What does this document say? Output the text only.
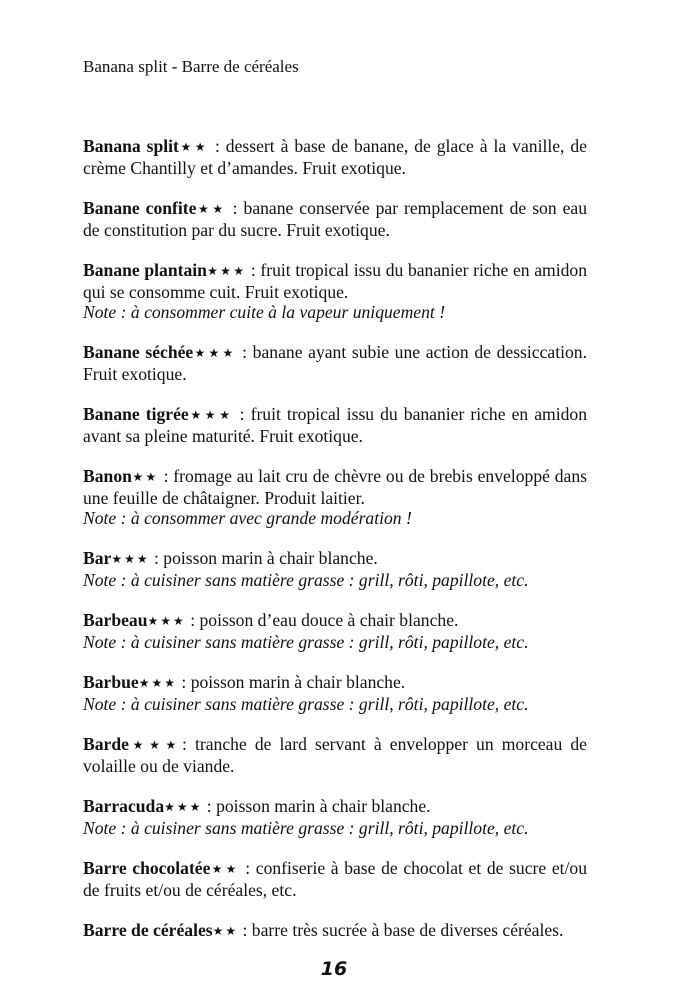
Banana split - Barre de céréales

Banana split★★ : dessert à base de banane, de glace à la vanille, de crème Chantilly et d’amandes. Fruit exotique.

Banane confite★★ : banane conservée par remplacement de son eau de constitution par du sucre. Fruit exotique.

Banane plantain★★★ : fruit tropical issu du bananier riche en amidon qui se consomme cuit. Fruit exotique.
Note : à consommer cuite à la vapeur uniquement !

Banane séchée★★★ : banane ayant subie une action de dessiccation. Fruit exotique.

Banane tigrée★★★ : fruit tropical issu du bananier riche en amidon avant sa pleine maturité. Fruit exotique.

Banon★★ : fromage au lait cru de chèvre ou de brebis enveloppé dans une feuille de châtaigner. Produit laitier.
Note : à consommer avec grande modération !

Bar★★★ : poisson marin à chair blanche.
Note : à cuisiner sans matière grasse : grill, rôti, papillote, etc.

Barbeau★★★ : poisson d’eau douce à chair blanche.
Note : à cuisiner sans matière grasse : grill, rôti, papillote, etc.

Barbue★★★ : poisson marin à chair blanche.
Note : à cuisiner sans matière grasse : grill, rôti, papillote, etc.

Barde★★★: tranche de lard servant à envelopper un morceau de volaille ou de viande.

Barracuda★★★ : poisson marin à chair blanche.
Note : à cuisiner sans matière grasse : grill, rôti, papillote, etc.

Barre chocolatée★★ : confiserie à base de chocolat et de sucre et/ou de fruits et/ou de céréales, etc.

Barre de céréales★★ : barre très sucrée à base de diverses céréales.

16
